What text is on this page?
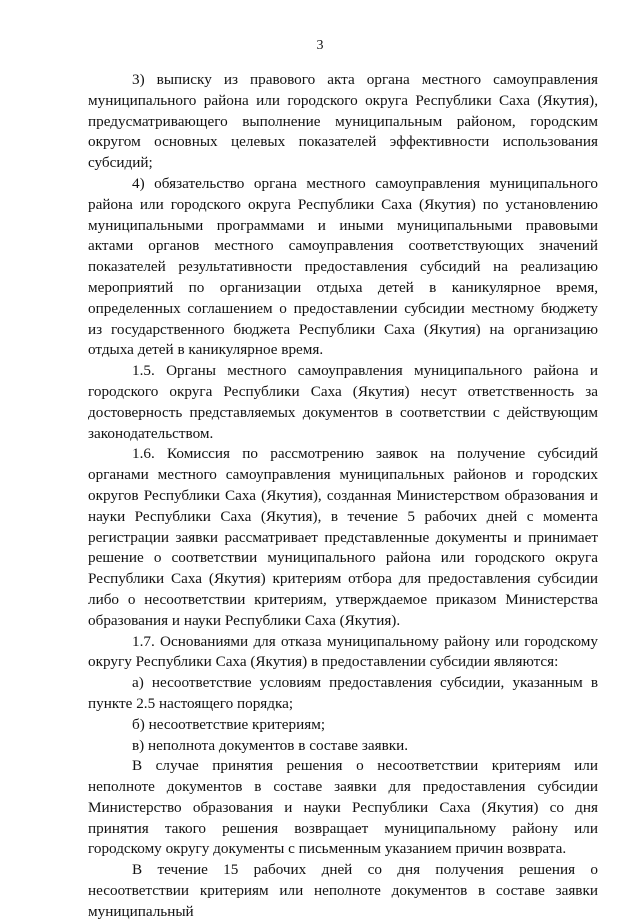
3

3) выписку из правового акта органа местного самоуправления муниципального района или городского округа Республики Саха (Якутия), предусматривающего выполнение муниципальным районом, городским округом основных целевых показателей эффективности использования субсидий;

4) обязательство органа местного самоуправления муниципального района или городского округа Республики Саха (Якутия) по установлению муниципальными программами и иными муниципальными правовыми актами органов местного самоуправления соответствующих значений показателей результативности предоставления субсидий на реализацию мероприятий по организации отдыха детей в каникулярное время, определенных соглашением о предоставлении субсидии местному бюджету из государственного бюджета Республики Саха (Якутия) на организацию отдыха детей в каникулярное время.

1.5. Органы местного самоуправления муниципального района и городского округа Республики Саха (Якутия) несут ответственность за достоверность представляемых документов в соответствии с действующим законодательством.

1.6. Комиссия по рассмотрению заявок на получение субсидий органами местного самоуправления муниципальных районов и городских округов Республики Саха (Якутия), созданная Министерством образования и науки Республики Саха (Якутия), в течение 5 рабочих дней с момента регистрации заявки рассматривает представленные документы и принимает решение о соответствии муниципального района или городского округа Республики Саха (Якутия) критериям отбора для предоставления субсидии либо о несоответствии критериям, утверждаемое приказом Министерства образования и науки Республики Саха (Якутия).

1.7. Основаниями для отказа муниципальному району или городскому округу Республики Саха (Якутия) в предоставлении субсидии являются:

а) несоответствие условиям предоставления субсидии, указанным в пункте 2.5 настоящего порядка;

б) несоответствие критериям;

в) неполнота документов в составе заявки.

В случае принятия решения о несоответствии критериям или неполноте документов в составе заявки для предоставления субсидии Министерство образования и науки Республики Саха (Якутия) со дня принятия такого решения возвращает муниципальному району или городскому округу документы с письменным указанием причин возврата.

В течение 15 рабочих дней со дня получения решения о несоответствии критериям или неполноте документов в составе заявки муниципальный
